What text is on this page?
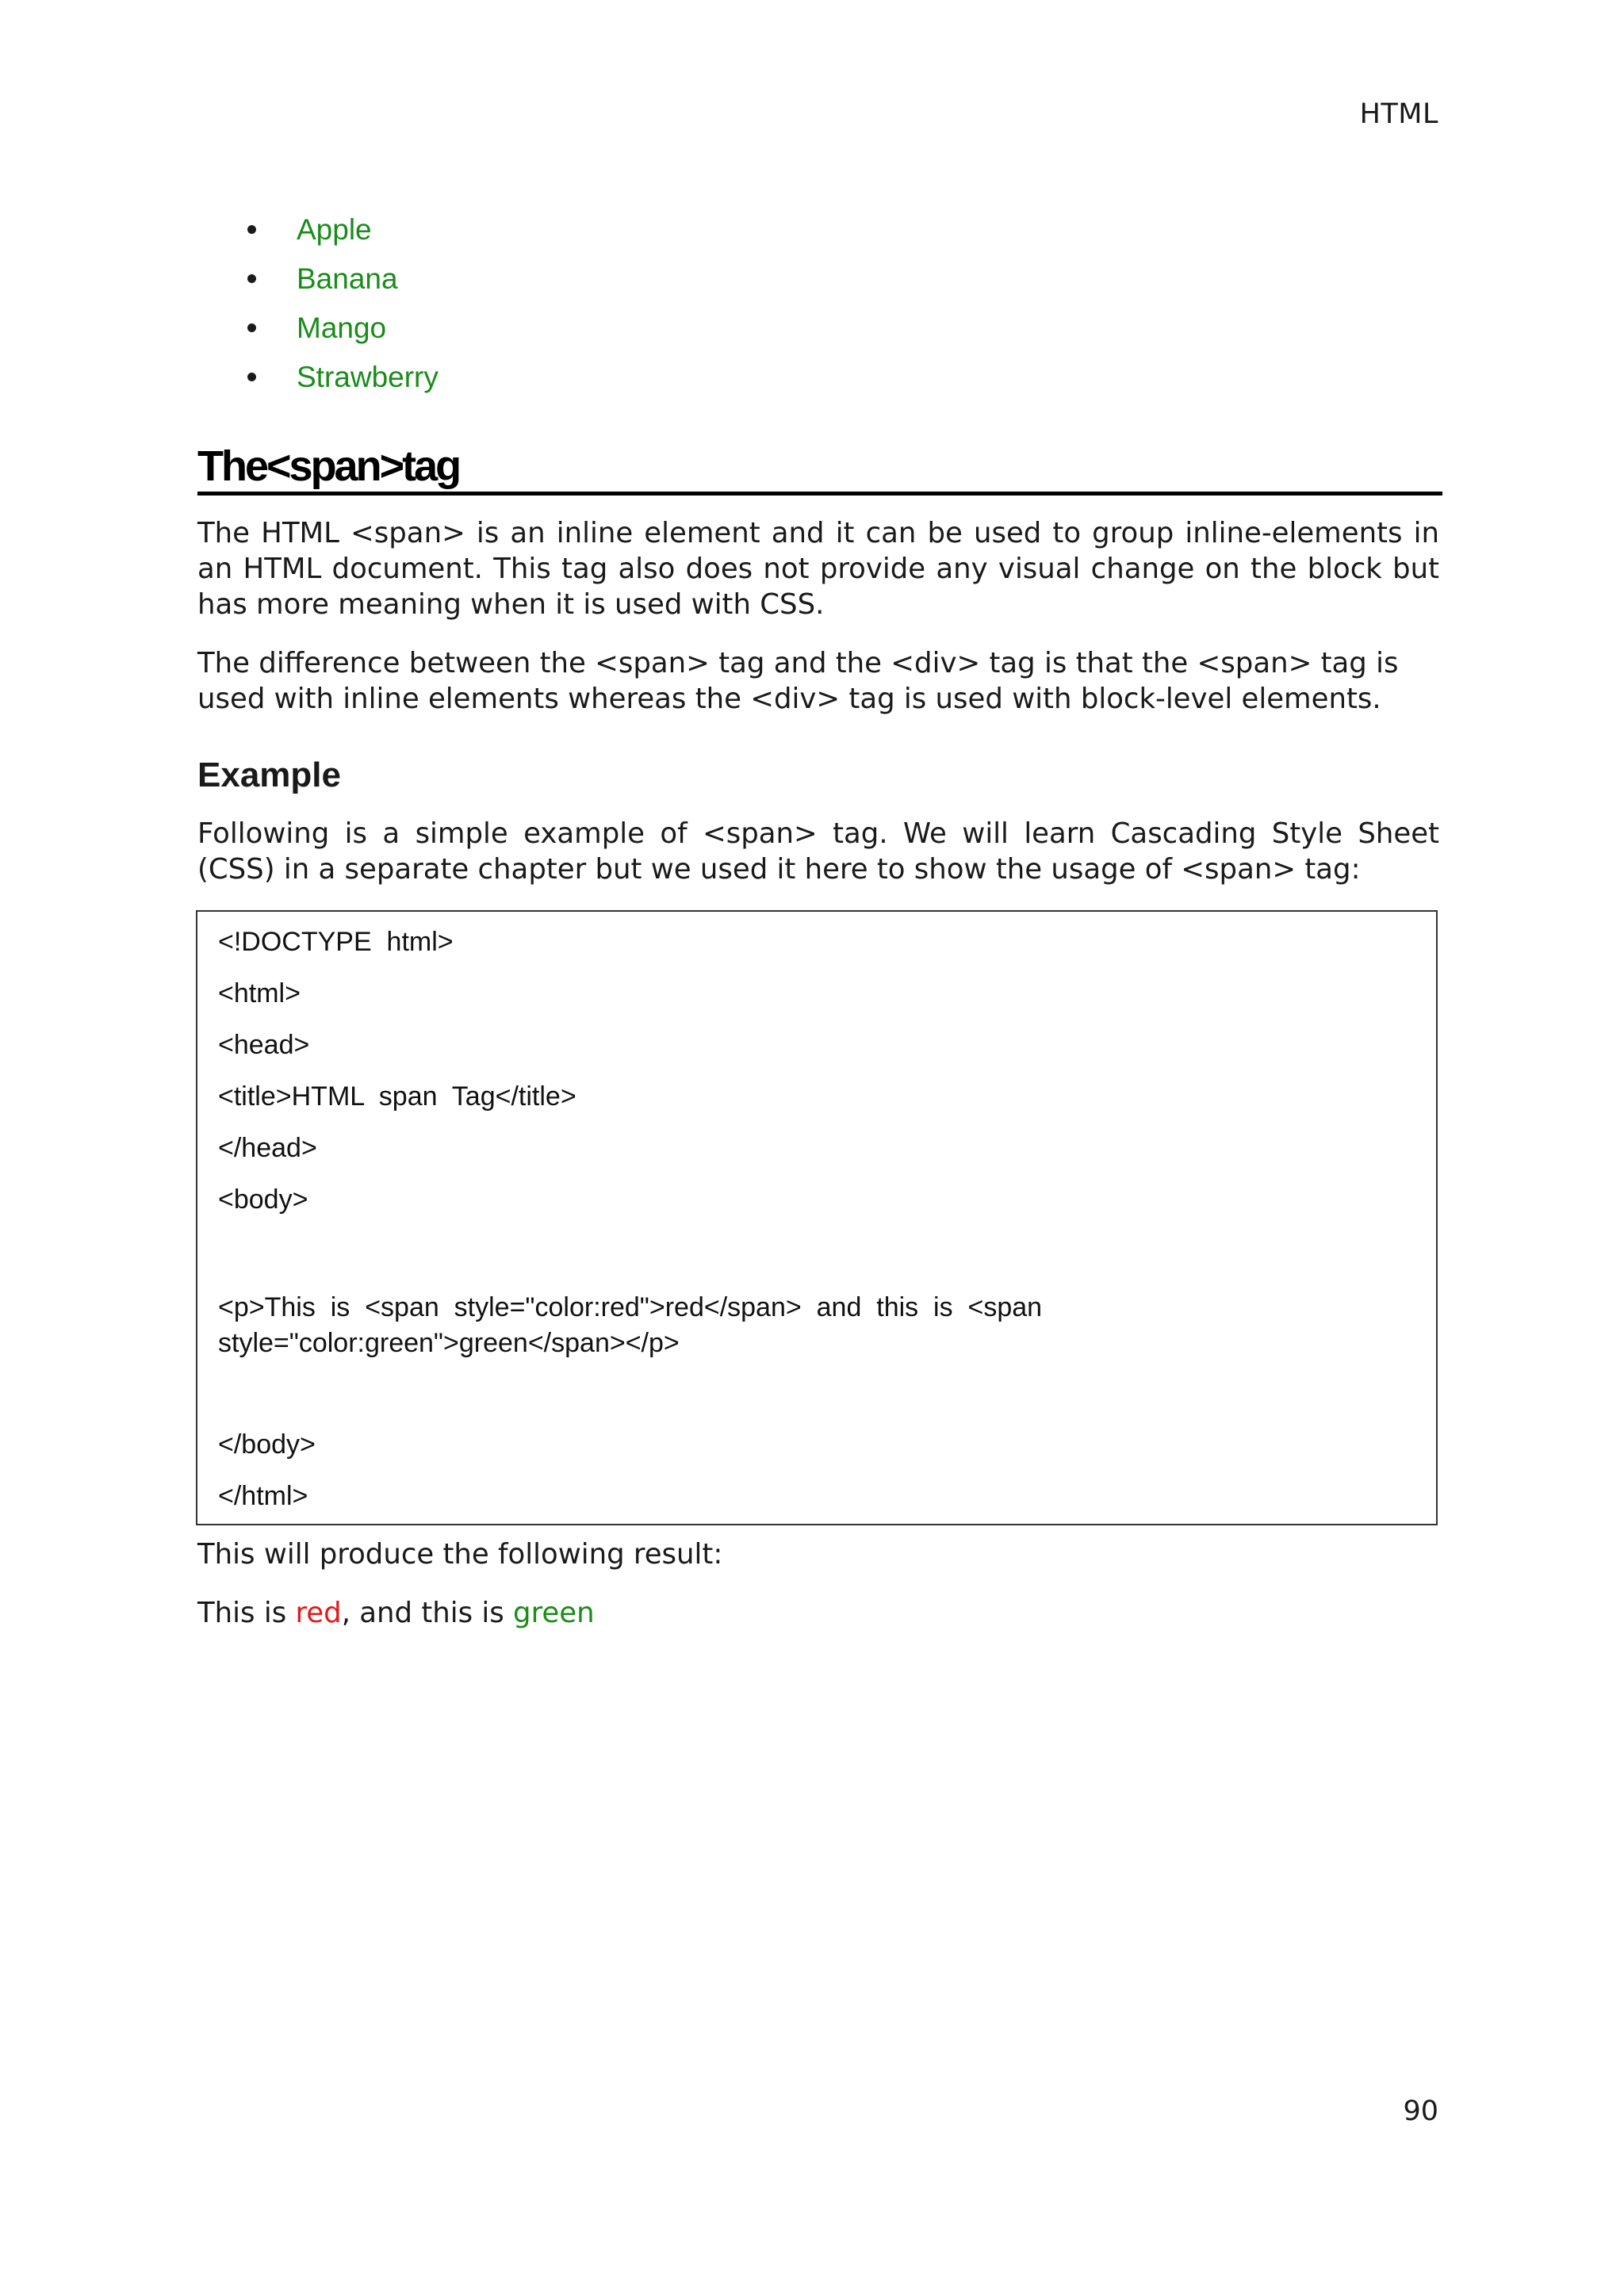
HTML
Apple
Banana
Mango
Strawberry
The<span>tag

The HTML <span> is an inline element and it can be used to group inline-elements in an HTML document. This tag also does not provide any visual change on the block but has more meaning when it is used with CSS.

The difference between the <span> tag and the <div> tag is that the <span> tag is used with inline elements whereas the <div> tag is used with block-level elements.

Example

Following is a simple example of <span> tag. We will learn Cascading Style Sheet (CSS) in a separate chapter but we used it here to show the usage of <span> tag:

<!DOCTYPE  html>
<html>
<head>
<title>HTML  span  Tag</title>
</head>
<body>
<p>This  is  <span  style="color:red">red</span>  and  this  is  <span
style="color:green">green</span></p>
</body>
</html>
This will produce the following result:
This is red, and this is green
90
